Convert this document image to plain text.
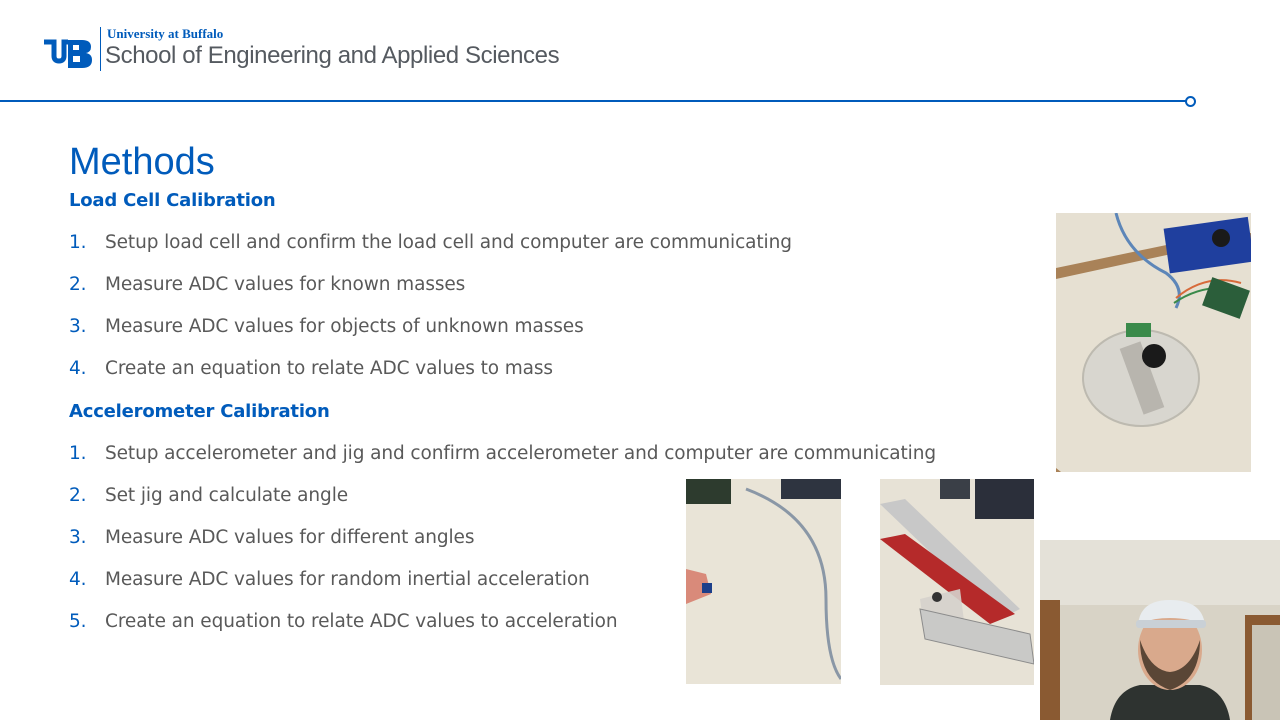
University at Buffalo
School of Engineering and Applied Sciences
Methods
Load Cell Calibration
1. Setup load cell and confirm the load cell and computer are communicating
2. Measure ADC values for known masses
3. Measure ADC values for objects of unknown masses
4. Create an equation to relate ADC values to mass
Accelerometer Calibration
1. Setup accelerometer and jig and confirm accelerometer and computer are communicating
2. Set jig and calculate angle
3. Measure ADC values for different angles
4. Measure ADC values for random inertial acceleration
5. Create an equation to relate ADC values to acceleration
